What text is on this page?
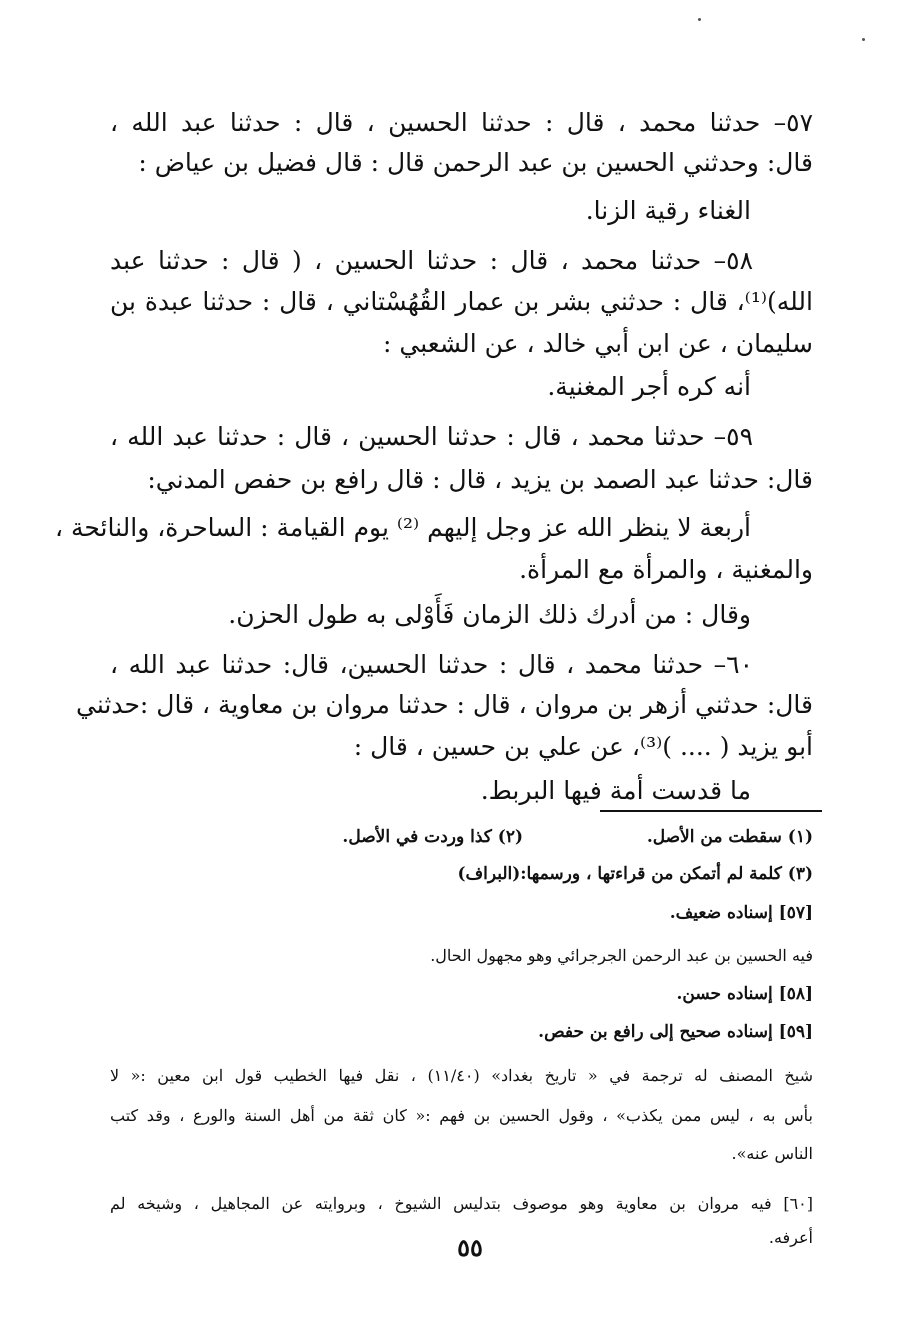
٥٧– حدثنا محمد ، قال : حدثنا الحسين ، قال : حدثنا عبد الله ،
قال: وحدثني الحسين بن عبد الرحمن قال : قال فضيل بن عياض :
الغناء رقية الزنا.
٥٨– حدثنا محمد ، قال : حدثنا الحسين ، ( قال : حدثنا عبد
الله)⁽¹⁾، قال : حدثني بشر بن عمار القُهُسْتاني ، قال : حدثنا عبدة بن
سليمان ، عن ابن أبي خالد ، عن الشعبي :
أنه كره أجر المغنية.
٥٩– حدثنا محمد ، قال : حدثنا الحسين ، قال : حدثنا عبد الله ،
قال: حدثنا عبد الصمد بن يزيد ، قال : قال رافع بن حفص المدني:
أربعة لا ينظر الله عز وجل إليهم ⁽²⁾ يوم القيامة : الساحرة، والنائحة ،
والمغنية ، والمرأة مع المرأة.
وقال : من أدرك ذلك الزمان فَأَوْلى به طول الحزن.
٦٠– حدثنا محمد ، قال : حدثنا الحسين، قال: حدثنا عبد الله ،
قال: حدثني أزهر بن مروان ، قال : حدثنا مروان بن معاوية ، قال :حدثني
أبو يزيد ( .... )⁽³⁾، عن علي بن حسين ، قال :
ما قدست أمة فيها البربط.
(١) سقطت من الأصل.
(٢) كذا وردت في الأصل.
(٣) كلمة لم أتمكن من قراءتها ، ورسمها:(البراف)
[٥٧] إسناده ضعيف.
فيه الحسين بن عبد الرحمن الجرجرائي وهو مجهول الحال.
[٥٨] إسناده حسن.
[٥٩] إسناده صحيح إلى رافع بن حفص.
شيخ المصنف له ترجمة في « تاريخ بغداد» (١١/٤٠) ، نقل فيها الخطيب قول ابن معين :« لا
بأس به ، ليس ممن يكذب» ، وقول الحسين بن فهم :« كان ثقة من أهل السنة والورع ، وقد كتب
الناس عنه».
[٦٠] فيه مروان بن معاوية وهو موصوف بتدليس الشيوخ ، وبروايته عن المجاهيل ، وشيخه لم
أعرفه.
٥٥
